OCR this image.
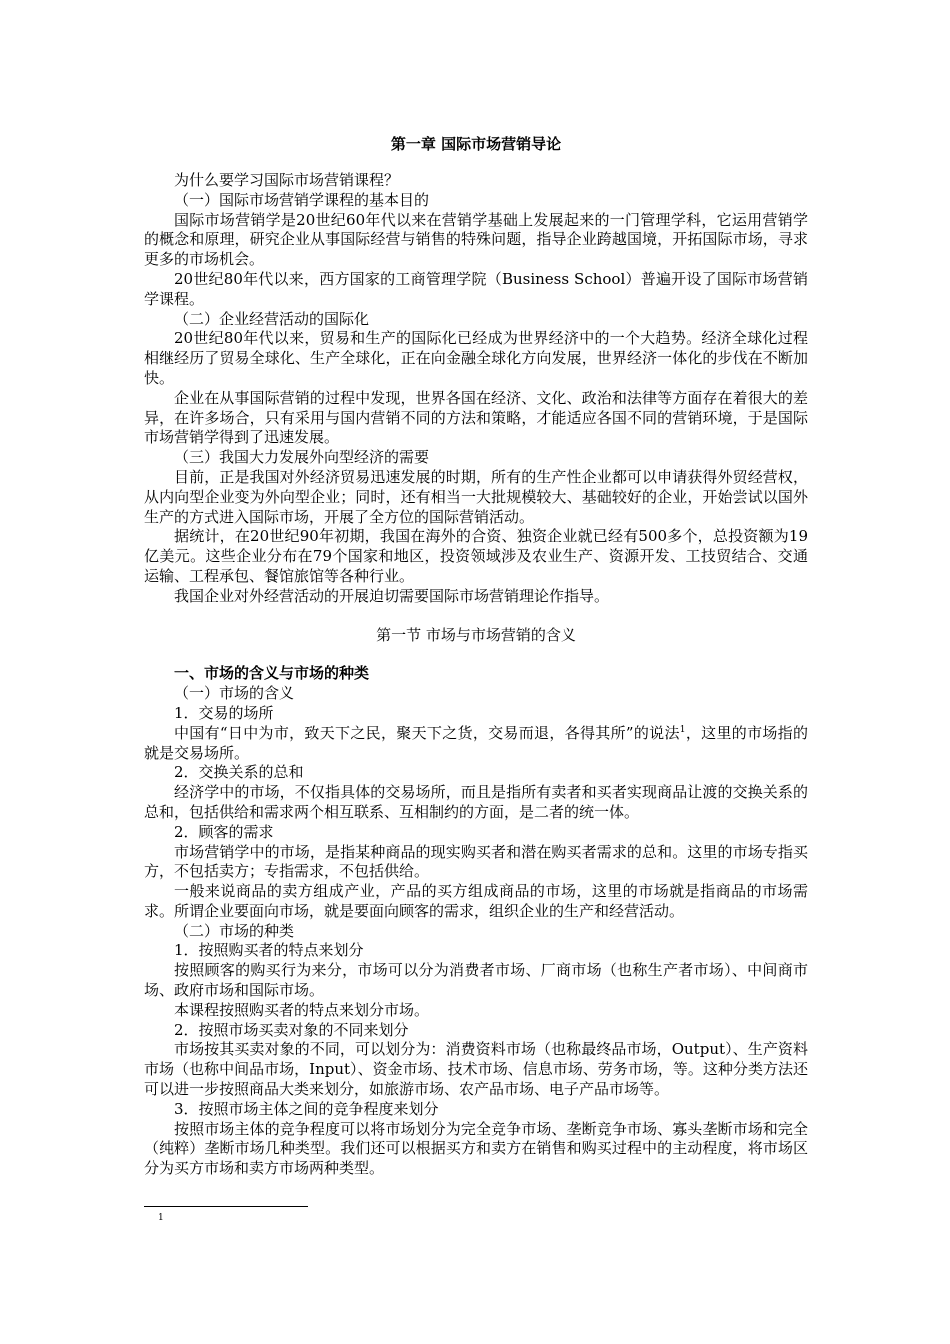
第一章 国际市场营销导论

为什么要学习国际市场营销课程？

（一）国际市场营销学课程的基本目的

国际市场营销学是20世纪60年代以来在营销学基础上发展起来的一门管理学科，它运用营销学的概念和原理，研究企业从事国际经营与销售的特殊问题，指导企业跨越国境，开拓国际市场，寻求更多的市场机会。

20世纪80年代以来，西方国家的工商管理学院（Business School）普遍开设了国际市场营销学课程。

（二）企业经营活动的国际化

20世纪80年代以来，贸易和生产的国际化已经成为世界经济中的一个大趋势。经济全球化过程相继经历了贸易全球化、生产全球化，正在向金融全球化方向发展，世界经济一体化的步伐在不断加快。

企业在从事国际营销的过程中发现，世界各国在经济、文化、政治和法律等方面存在着很大的差异，在许多场合，只有采用与国内营销不同的方法和策略，才能适应各国不同的营销环境，于是国际市场营销学得到了迅速发展。

（三）我国大力发展外向型经济的需要

目前，正是我国对外经济贸易迅速发展的时期，所有的生产性企业都可以申请获得外贸经营权，从内向型企业变为外向型企业；同时，还有相当一大批规模较大、基础较好的企业，开始尝试以国外生产的方式进入国际市场，开展了全方位的国际营销活动。

据统计，在20世纪90年初期，我国在海外的合资、独资企业就已经有500多个，总投资额为19亿美元。这些企业分布在79个国家和地区，投资领域涉及农业生产、资源开发、工技贸结合、交通运输、工程承包、餐馆旅馆等各种行业。

我国企业对外经营活动的开展迫切需要国际市场营销理论作指导。

第一节 市场与市场营销的含义

一、市场的含义与市场的种类

（一）市场的含义

1．交易的场所

中国有“日中为市，致天下之民，聚天下之货，交易而退，各得其所”的说法$^1$，这里的市场指的就是交易场所。

2．交换关系的总和

经济学中的市场，不仅指具体的交易场所，而且是指所有卖者和买者实现商品让渡的交换关系的总和，包括供给和需求两个相互联系、互相制约的方面，是二者的统一体。

2．顾客的需求

市场营销学中的市场，是指某种商品的现实购买者和潜在购买者需求的总和。这里的市场专指买方，不包括卖方；专指需求，不包括供给。

一般来说商品的卖方组成产业，产品的买方组成商品的市场，这里的市场就是指商品的市场需求。所谓企业要面向市场，就是要面向顾客的需求，组织企业的生产和经营活动。

（二）市场的种类

1．按照购买者的特点来划分

按照顾客的购买行为来分，市场可以分为消费者市场、厂商市场（也称生产者市场）、中间商市场、政府市场和国际市场。

本课程按照购买者的特点来划分市场。

2．按照市场买卖对象的不同来划分

市场按其买卖对象的不同，可以划分为：消费资料市场（也称最终品市场，Output）、生产资料市场（也称中间品市场，Input）、资金市场、技术市场、信息市场、劳务市场，等。这种分类方法还可以进一步按照商品大类来划分，如旅游市场、农产品市场、电子产品市场等。

3．按照市场主体之间的竞争程度来划分

按照市场主体的竞争程度可以将市场划分为完全竞争市场、垄断竞争市场、寡头垄断市场和完全（纯粹）垄断市场几种类型。我们还可以根据买方和卖方在销售和购买过程中的主动程度，将市场区分为买方市场和卖方市场两种类型。

1
